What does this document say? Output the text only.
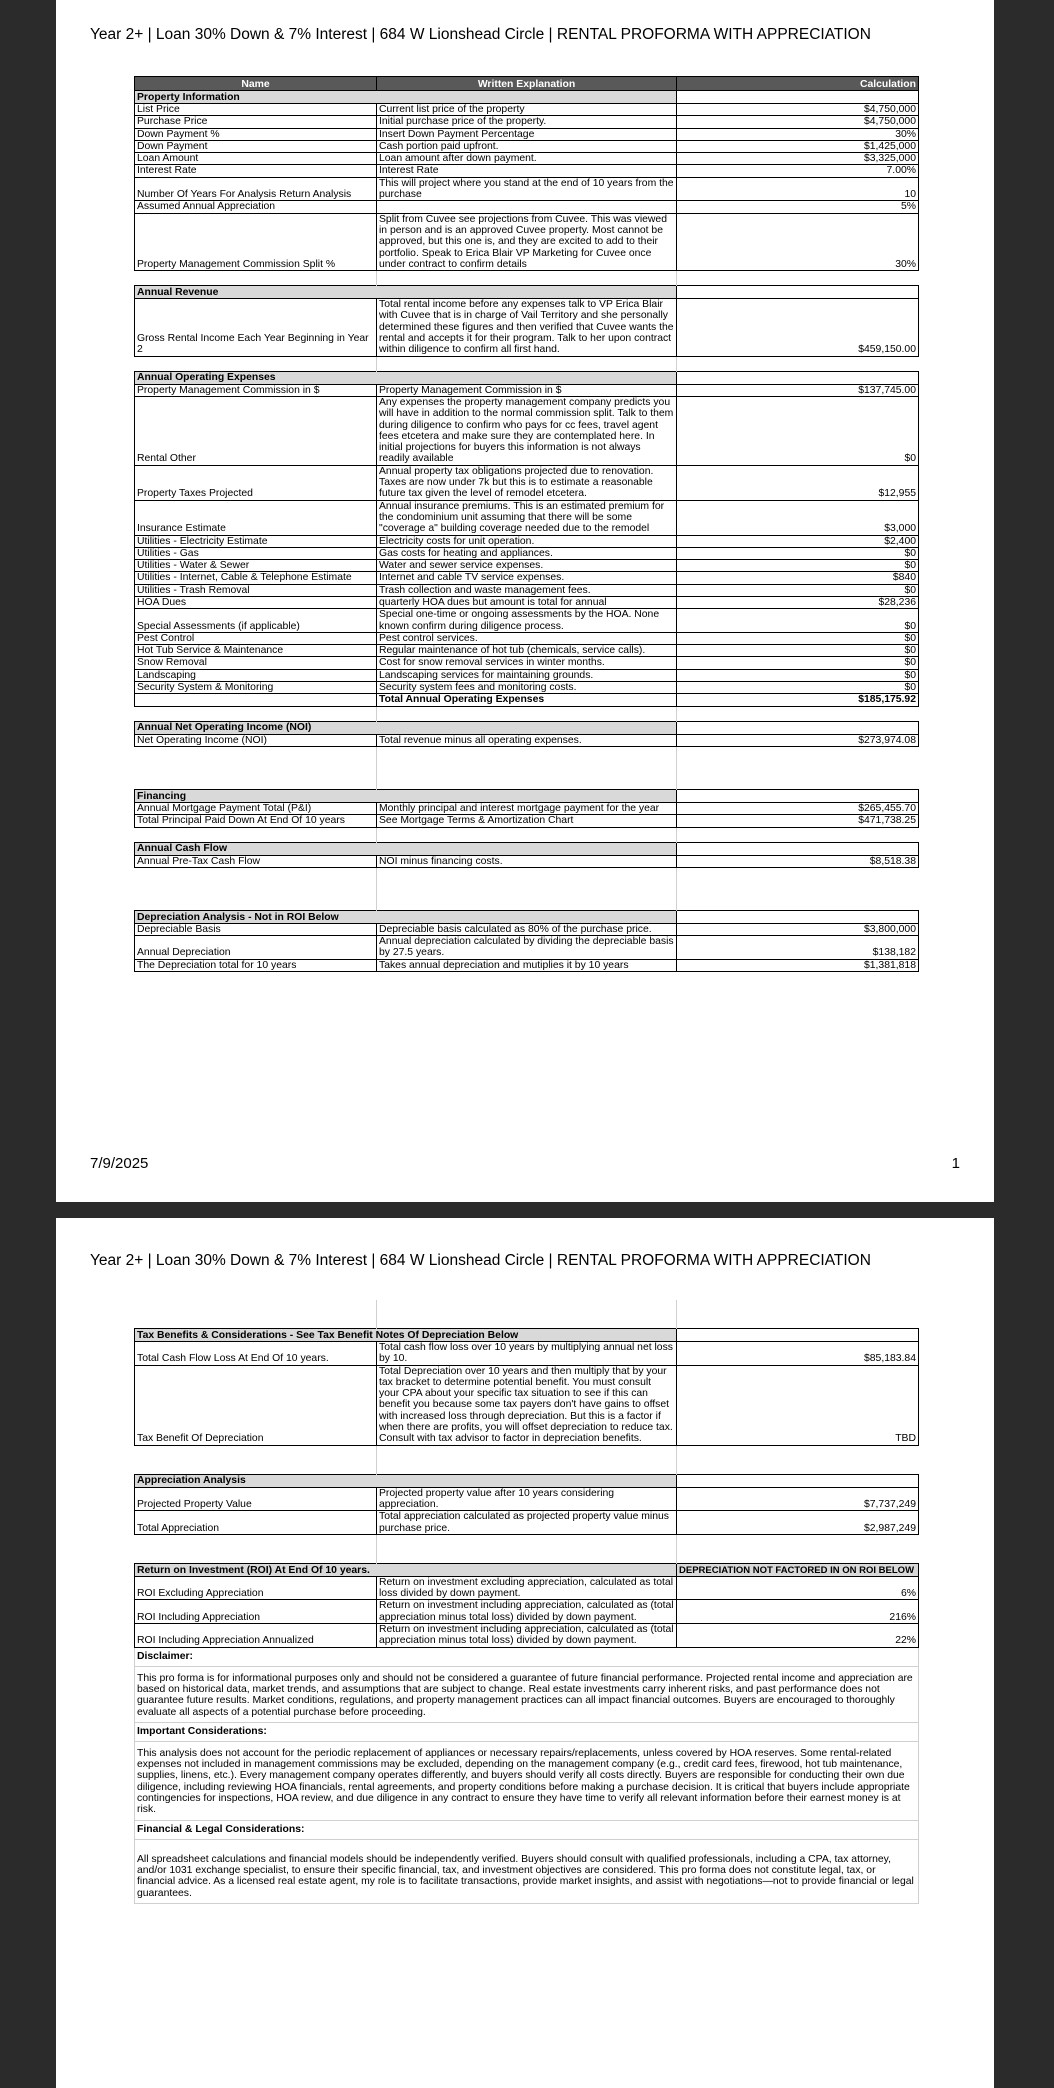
Year 2+ | Loan 30% Down & 7% Interest | 684 W Lionshead Circle | RENTAL PROFORMA WITH APPRECIATION
Name	Written Explanation	Calculation
Property Information		
List Price	Current list price of the property	$4,750,000
Purchase Price	Initial purchase price of the property.	$4,750,000
Down Payment %	Insert Down Payment Percentage	30%
Down Payment	Cash portion paid upfront.	$1,425,000
Loan Amount	Loan amount after down payment.	$3,325,000
Interest Rate	Interest Rate	7.00%
Number Of Years For Analysis Return Analysis	This will project where you stand at the end of 10 years from the purchase	10
Assumed Annual Appreciation		5%
Property Management Commission Split %	Split from Cuvee see projections from Cuvee. This was viewed in person and is an approved Cuvee property. Most cannot be approved, but this one is, and they are excited to add to their portfolio. Speak to Erica Blair VP Marketing for Cuvee once under contract to confirm details	30%

Annual Revenue		
Gross Rental Income Each Year Beginning in Year 2	Total rental income before any expenses talk to VP Erica Blair with Cuvee that is in charge of Vail Territory and she personally determined these figures and then verified that Cuvee wants the rental and accepts it for their program. Talk to her upon contract within diligence to confirm all first hand.	$459,150.00

Annual Operating Expenses		
Property Management Commission in $	Property Management Commission in $	$137,745.00
Rental Other	Any expenses the property management company predicts you will have in addition to the normal commission split. Talk to them during diligence to confirm who pays for cc fees, travel agent fees etcetera and make sure they are contemplated here. In initial projections for buyers this information is not always readily available	$0
Property Taxes Projected	Annual property tax obligations projected due to renovation. Taxes are now under 7k but this is to estimate a reasonable future tax given the level of remodel etcetera.	$12,955
Insurance Estimate	Annual insurance premiums. This is an estimated premium for the condominium unit assuming that there will be some "coverage a" building coverage needed due to the remodel	$3,000
Utilities - Electricity Estimate	Electricity costs for unit operation.	$2,400
Utilities - Gas	Gas costs for heating and appliances.	$0
Utilities - Water & Sewer	Water and sewer service expenses.	$0
Utilities - Internet, Cable & Telephone Estimate	Internet and cable TV service expenses.	$840
Utilities - Trash Removal	Trash collection and waste management fees.	$0
HOA Dues	quarterly HOA dues but amount is total for annual	$28,236
Special Assessments (if applicable)	Special one-time or ongoing assessments by the HOA. None known confirm during diligence process.	$0
Pest Control	Pest control services.	$0
Hot Tub Service & Maintenance	Regular maintenance of hot tub (chemicals, service calls).	$0
Snow Removal	Cost for snow removal services in winter months.	$0
Landscaping	Landscaping services for maintaining grounds.	$0
Security System & Monitoring	Security system fees and monitoring costs.	$0
	Total Annual Operating Expenses	$185,175.92

Annual Net Operating Income (NOI)		
Net Operating Income (NOI)	Total revenue minus all operating expenses.	$273,974.08

Financing		
Annual Mortgage Payment Total (P&I)	Monthly principal and interest mortgage payment for the year	$265,455.70
Total Principal Paid Down At End Of 10 years	See Mortgage Terms & Amortization Chart	$471,738.25

Annual Cash Flow		
Annual Pre-Tax Cash Flow	NOI minus financing costs.	$8,518.38

Depreciation Analysis - Not in ROI Below		
Depreciable Basis	Depreciable basis calculated as 80% of the purchase price.	$3,800,000
Annual Depreciation	Annual depreciation calculated by dividing the depreciable basis by 27.5 years.	$138,182
The Depreciation total for 10 years	Takes annual depreciation and mutiplies it by 10 years	$1,381,818
7/9/2025	1
Year 2+ | Loan 30% Down & 7% Interest | 684 W Lionshead Circle | RENTAL PROFORMA WITH APPRECIATION

Tax Benefits & Considerations - See Tax Benefit Notes Of Depreciation Below		
Total Cash Flow Loss At End Of 10 years.	Total cash flow loss over 10 years by multiplying annual net loss by 10.	$85,183.84
Tax Benefit Of Depreciation	Total Depreciation over 10 years and then multiply that by your tax bracket to determine potential benefit. You must consult your CPA about your specific tax situation to see if this can benefit you because some tax payers don't have gains to offset with increased loss through depreciation. But this is a factor if when there are profits, you will offset depreciation to reduce tax. Consult with tax advisor to factor in depreciation benefits.	TBD

Appreciation Analysis		
Projected Property Value	Projected property value after 10 years considering appreciation.	$7,737,249
Total Appreciation	Total appreciation calculated as projected property value minus purchase price.	$2,987,249

Return on Investment (ROI) At End Of 10 years.		DEPRECIATION NOT FACTORED IN ON ROI BELOW
ROI Excluding Appreciation	Return on investment excluding appreciation, calculated as total loss divided by down payment.	6%
ROI Including Appreciation	Return on investment including appreciation, calculated as (total appreciation minus total loss) divided by down payment.	216%
ROI Including Appreciation Annualized	Return on investment including appreciation, calculated as (total appreciation minus total loss) divided by down payment.	22%
Disclaimer:		
This pro forma is for informational purposes only and should not be considered a guarantee of future financial performance. Projected rental income and appreciation are based on historical data, market trends, and assumptions that are subject to change. Real estate investments carry inherent risks, and past performance does not guarantee future results. Market conditions, regulations, and property management practices can all impact financial outcomes. Buyers are encouraged to thoroughly evaluate all aspects of a potential purchase before proceeding.		
Important Considerations:		
This analysis does not account for the periodic replacement of appliances or necessary repairs/replacements, unless covered by HOA reserves. Some rental-related expenses not included in management commissions may be excluded, depending on the management company (e.g., credit card fees, firewood, hot tub maintenance, supplies, linens, etc.). Every management company operates differently, and buyers should verify all costs directly. Buyers are responsible for conducting their own due diligence, including reviewing HOA financials, rental agreements, and property conditions before making a purchase decision. It is critical that buyers include appropriate contingencies for inspections, HOA review, and due diligence in any contract to ensure they have time to verify all relevant information before their earnest money is at risk.		
Financial & Legal Considerations:		
All spreadsheet calculations and financial models should be independently verified. Buyers should consult with qualified professionals, including a CPA, tax attorney, and/or 1031 exchange specialist, to ensure their specific financial, tax, and investment objectives are considered. This pro forma does not constitute legal, tax, or financial advice. As a licensed real estate agent, my role is to facilitate transactions, provide market insights, and assist with negotiations—not to provide financial or legal guarantees.		
